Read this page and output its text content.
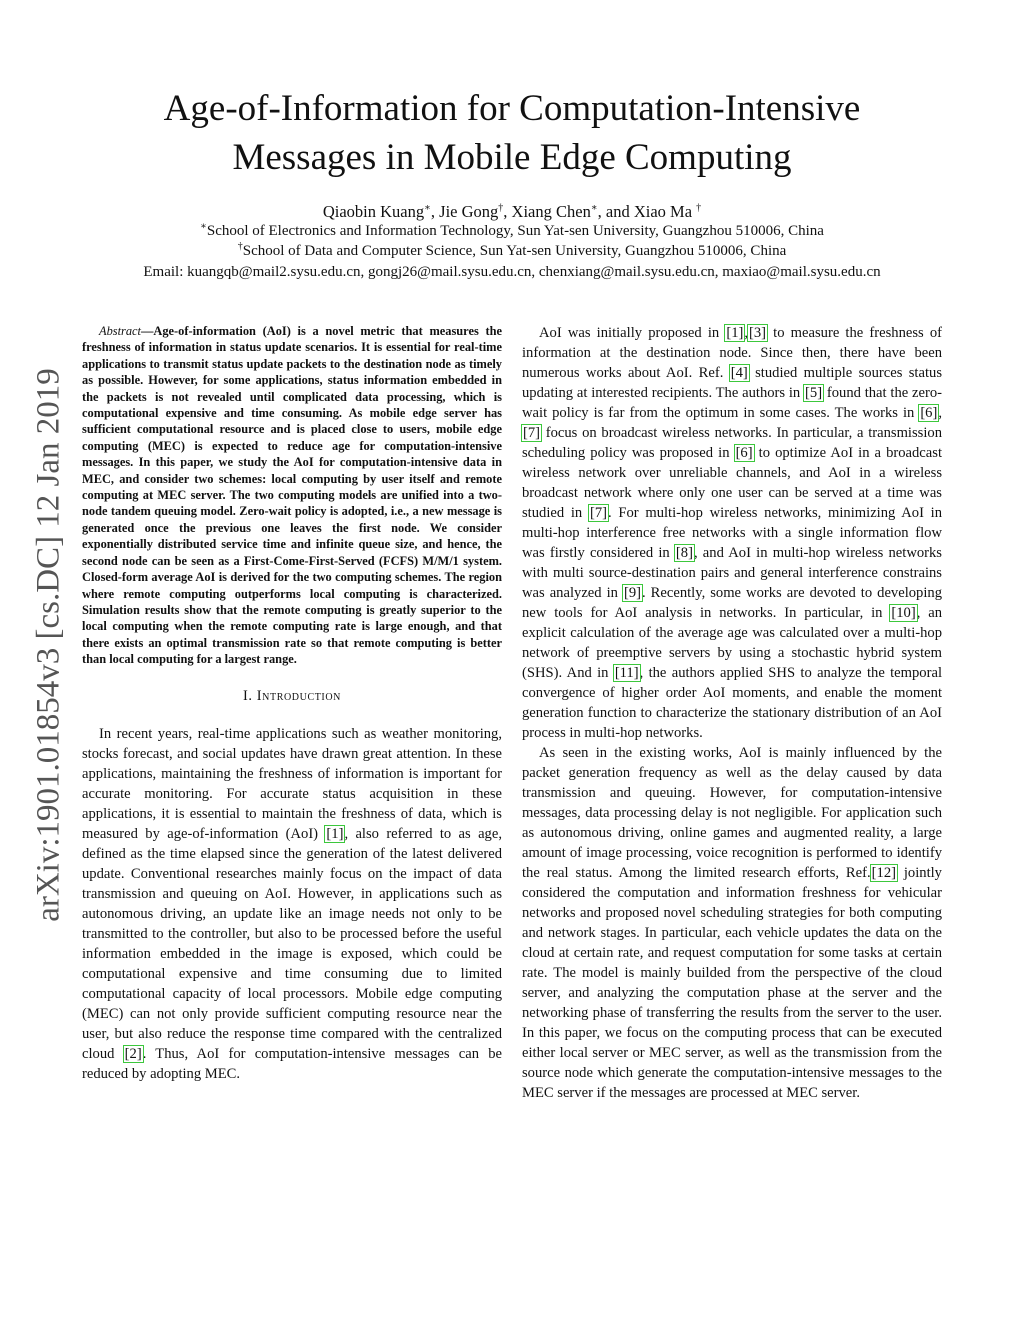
Age-of-Information for Computation-Intensive
Messages in Mobile Edge Computing
Qiaobin Kuang∗, Jie Gong†, Xiang Chen∗, and Xiao Ma †
∗School of Electronics and Information Technology, Sun Yat-sen University, Guangzhou 510006, China
†School of Data and Computer Science, Sun Yat-sen University, Guangzhou 510006, China
Email: kuangqb@mail2.sysu.edu.cn, gongj26@mail.sysu.edu.cn, chenxiang@mail.sysu.edu.cn, maxiao@mail.sysu.edu.cn
arXiv:1901.01854v3 [cs.DC] 12 Jan 2019

Abstract—Age-of-information (AoI) is a novel metric that measures the freshness of information in status update scenarios. It is essential for real-time applications to transmit status update packets to the destination node as timely as possible. However, for some applications, status information embedded in the packets is not revealed until complicated data processing, which is computational expensive and time consuming. As mobile edge server has sufficient computational resource and is placed close to users, mobile edge computing (MEC) is expected to reduce age for computation-intensive messages. In this paper, we study the AoI for computation-intensive data in MEC, and consider two schemes: local computing by user itself and remote computing at MEC server. The two computing models are unified into a two-node tandem queuing model. Zero-wait policy is adopted, i.e., a new message is generated once the previous one leaves the first node. We consider exponentially distributed service time and infinite queue size, and hence, the second node can be seen as a First-Come-First-Served (FCFS) M/M/1 system. Closed-form average AoI is derived for the two computing schemes. The region where remote computing outperforms local computing is characterized. Simulation results show that the remote computing is greatly superior to the local computing when the remote computing rate is large enough, and that there exists an optimal transmission rate so that remote computing is better than local computing for a largest range.

I. Introduction

In recent years, real-time applications such as weather monitoring, stocks forecast, and social updates have drawn great attention. In these applications, maintaining the freshness of information is important for accurate monitoring. For accurate status acquisition in these applications, it is essential to maintain the freshness of data, which is measured by age-of-information (AoI) [1], also referred to as age, defined as the time elapsed since the generation of the latest delivered update. Conventional researches mainly focus on the impact of data transmission and queuing on AoI. However, in applications such as autonomous driving, an update like an image needs not only to be transmitted to the controller, but also to be processed before the useful information embedded in the image is exposed, which could be computational expensive and time consuming due to limited computational capacity of local processors. Mobile edge computing (MEC) can not only provide sufficient computing resource near the user, but also reduce the response time compared with the centralized cloud [2]. Thus, AoI for computation-intensive messages can be reduced by adopting MEC.

AoI was initially proposed in [1],[3] to measure the freshness of information at the destination node. Since then, there have been numerous works about AoI. Ref. [4] studied multiple sources status updating at interested recipients. The authors in [5] found that the zero-wait policy is far from the optimum in some cases. The works in [6], [7] focus on broadcast wireless networks. In particular, a transmission scheduling policy was proposed in [6] to optimize AoI in a broadcast wireless network over unreliable channels, and AoI in a wireless broadcast network where only one user can be served at a time was studied in [7]. For multi-hop wireless networks, minimizing AoI in multi-hop interference free networks with a single information flow was firstly considered in [8], and AoI in multi-hop wireless networks with multi source-destination pairs and general interference constrains was analyzed in [9]. Recently, some works are devoted to developing new tools for AoI analysis in networks. In particular, in [10], an explicit calculation of the average age was calculated over a multi-hop network of preemptive servers by using a stochastic hybrid system (SHS). And in [11], the authors applied SHS to analyze the temporal convergence of higher order AoI moments, and enable the moment generation function to characterize the stationary distribution of an AoI process in multi-hop networks.

As seen in the existing works, AoI is mainly influenced by the packet generation frequency as well as the delay caused by data transmission and queuing. However, for computation-intensive messages, data processing delay is not negligible. For application such as autonomous driving, online games and augmented reality, a large amount of image processing, voice recognition is performed to identify the real status. Among the limited research efforts, Ref.[12] jointly considered the computation and information freshness for vehicular networks and proposed novel scheduling strategies for both computing and network stages. In particular, each vehicle updates the data on the cloud at certain rate, and request computation for some tasks at certain rate. The model is mainly builded from the perspective of the cloud server, and analyzing the computation phase at the server and the networking phase of transferring the results from the server to the user. In this paper, we focus on the computing process that can be executed either local server or MEC server, as well as the transmission from the source node which generate the computation-intensive messages to the MEC server if the messages are processed at MEC server.
